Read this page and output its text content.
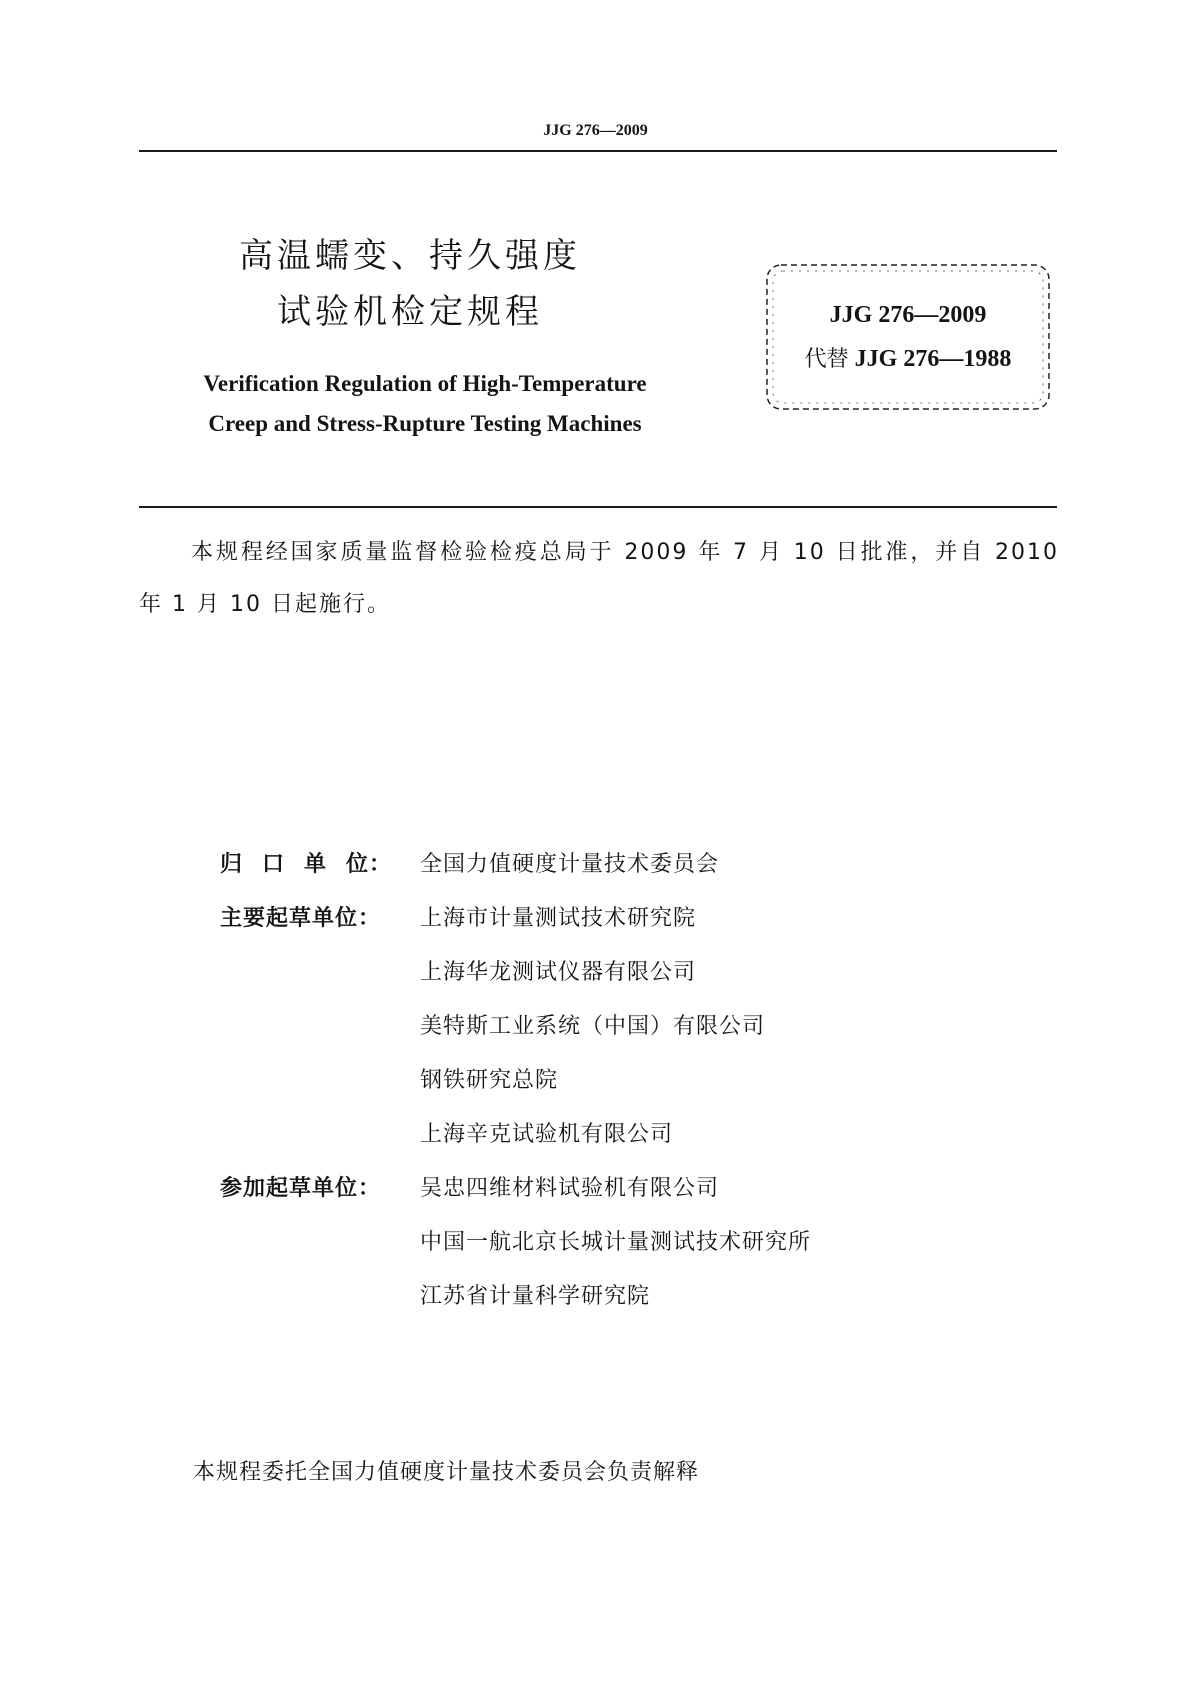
JJG 276—2009
高温蠕变、持久强度
试验机检定规程
Verification Regulation of High-Temperature
Creep and Stress-Rupture Testing Machines
JJG 276—2009
代替 JJG 276—1988
本规程经国家质量监督检验检疫总局于 2009 年 7 月 10 日批准，并自 2010 年 1 月 10 日起施行。
归 口 单 位： 全国力值硬度计量技术委员会
主要起草单位：	上海市计量测试技术研究院
上海华龙测试仪器有限公司
美特斯工业系统（中国）有限公司
钢铁研究总院
上海辛克试验机有限公司
参加起草单位：	吴忠四维材料试验机有限公司
中国一航北京长城计量测试技术研究所
江苏省计量科学研究院
本规程委托全国力值硬度计量技术委员会负责解释
